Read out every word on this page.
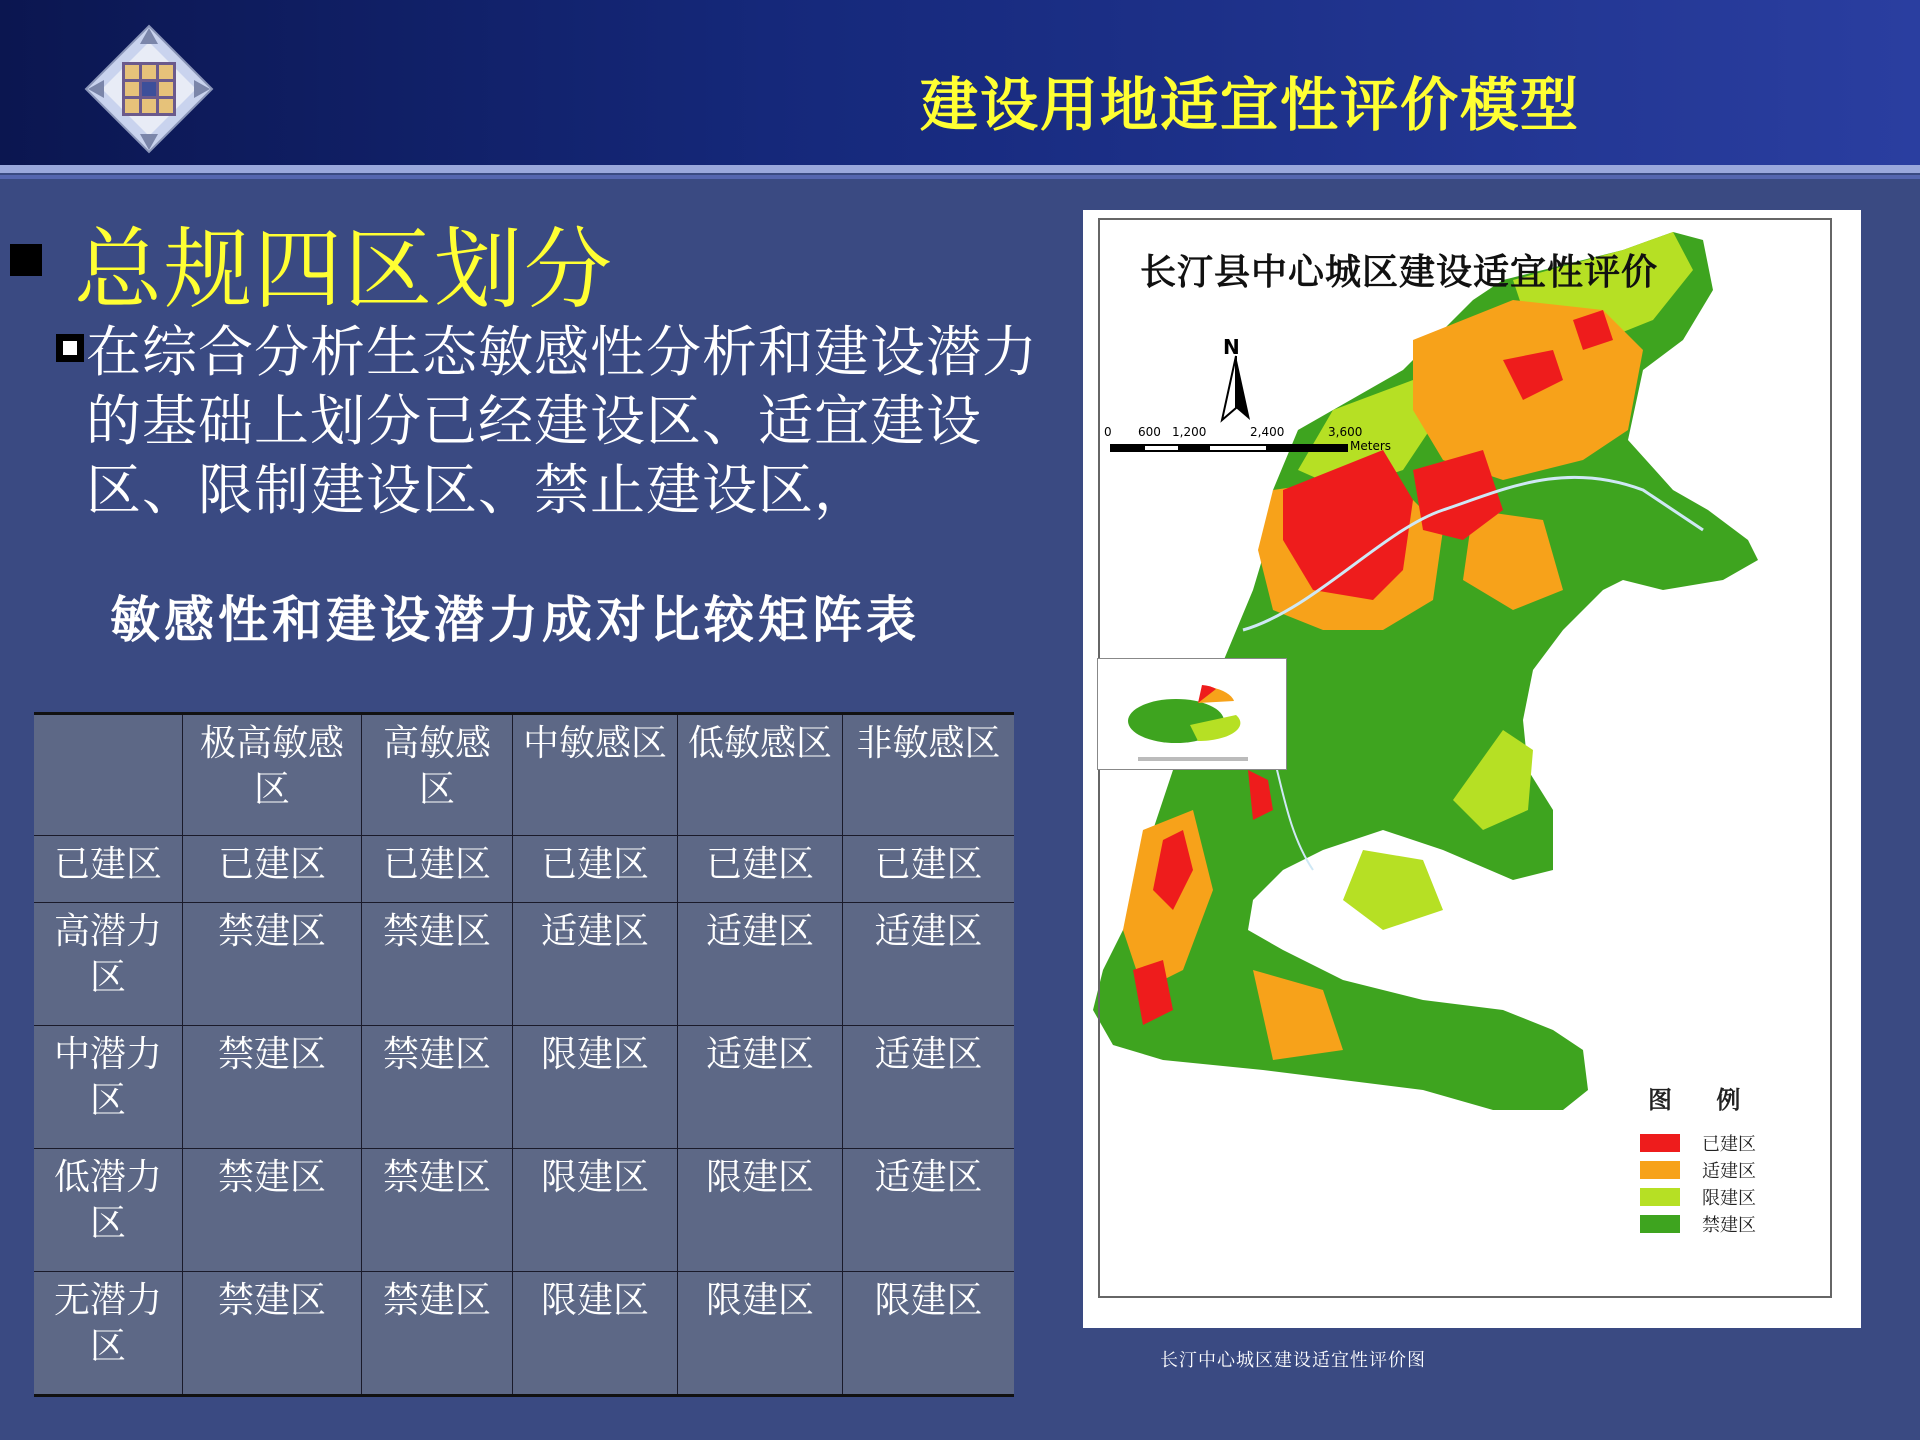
建设用地适宜性评价模型
总规四区划分
在综合分析生态敏感性分析和建设潜力的基础上划分已经建设区、适宜建设区、限制建设区、禁止建设区，
敏感性和建设潜力成对比较矩阵表
	极高敏感区	高敏感区	中敏感区	低敏感区	非敏感区
已建区	已建区	已建区	已建区	已建区	已建区
高潜力区	禁建区	禁建区	适建区	适建区	适建区
中潜力区	禁建区	禁建区	限建区	适建区	适建区
低潜力区	禁建区	禁建区	限建区	限建区	适建区
无潜力区	禁建区	禁建区	限建区	限建区	限建区
长汀县中心城区建设适宜性评价
N
0 600 1,200	2,400	3,600
Meters
图 例
已建区
适建区
限建区
禁建区
长汀中心城区建设适宜性评价图
